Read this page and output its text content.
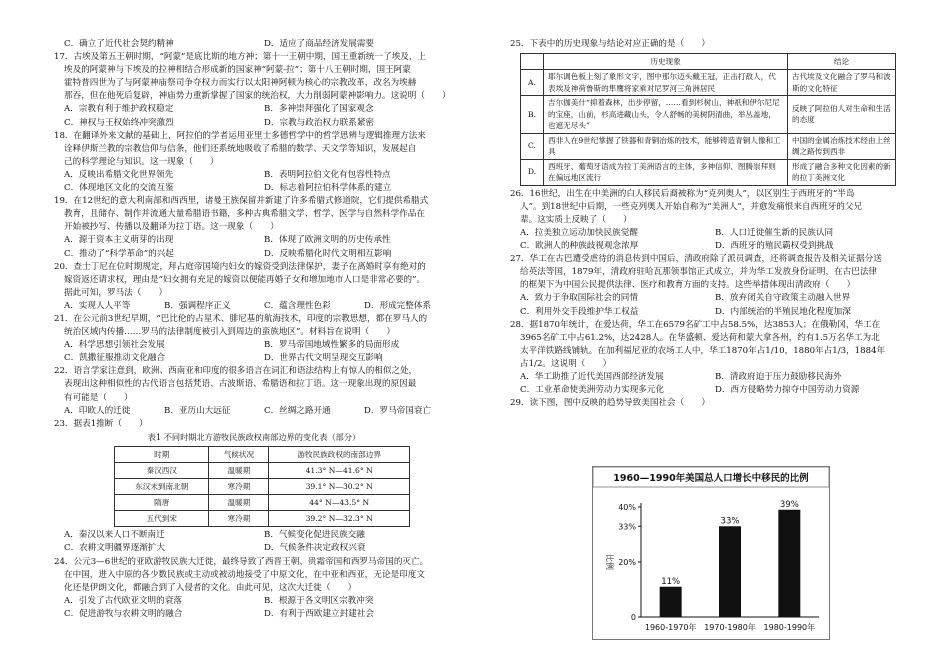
C．确立了近代社会契约精神	D．适应了商品经济发展需要
17．古埃及第五王朝时期，“阿蒙”是底比斯的地方神；第十一王朝中期，国王重新统一了埃及，上
埃及的阿蒙神与下埃及的拉神相结合形成新的国家神“阿蒙-拉”；第十八王朝时期，国王阿蒙
霍特普四世为了与阿蒙神庙祭司争夺权力而实行以太阳神阿顿为核心的宗教改革，改名为埃赫
那吞，但在他死后复辟，神庙势力重新掌握了国家的统治权，大力削弱阿蒙神影响力。这说明（　　）
A．宗教有利于维护政权稳定	B．多神崇拜强化了国家观念
C．神权与王权始终冲突激烈	D．宗教与政治权力联系紧密
18．在翻译外来文献的基础上，阿拉伯的学者运用亚里士多德哲学中的哲学思辨与逻辑推理方法来
诠释伊斯兰教的宗教信仰与信条，他们还系统地吸收了希腊的数学、天文学等知识，发展起自
己的科学理论与知识。这一现象（　　）
A．反映出希腊文化世界领先	B．表明阿拉伯文化有包容性特点
C．体现地区文化的交流互鉴	D．标志着阿拉伯科学体系的建立
19．在12世纪的意大利南部和西西里，诸曼王族保留并新建了许多希腊式修道院，它们提供希腊式
教育，且储存、制作并流通大量希腊语书籍，多种古典希腊文学、哲学、医学与自然科学作品在
开始被抄写、传播以及翻译为拉丁语。这一现象（　　）
A．源于资本主义萌芽的出现	B．体现了欧洲文明的历史传承性
C．推动了“科学革命”的兴起	D．反映希腊化时代文明相互影响
20．查士丁尼在位时期规定，拜占庭帝国境内妇女的嫁资受到法律保护，妻子在离婚时享有绝对的
嫁资返还请求权，理由是“妇女拥有充足的嫁资以便能再婚子女和增加地市人口是非常必要的”。
据此可知，罗马法（　　）
A．实现人人平等	B．强调程序正义	C．蕴含理性色彩	D．形成完整体系
21．在公元前3世纪早期，“巴比伦的占星术、腓尼基的航海技术，印度的宗教思想，都在罗马人的
统治区域内传播……罗马的法律制度被引入到周边的蛮族地区”。材料旨在说明（　　）
A．科学思想引领社会发展	B．罗马帝国地域性繁多的局面形成
C．凯撒征服推动文化融合	D．世界古代文明呈现交互影响
22．语言学家注意到，欧洲、西南亚和印度的很多语言在词汇和语法结构上有惊人的相似之处，
表现出这种相似性的古代语言包括梵语、古波斯语、希腊语和拉丁语。这一现象出现的原因最
有可能是（　　）
A．印欧人的迁徙	B．亚历山大远征	C．丝绸之路开通	D．罗马帝国衰亡
23．据表1推断（　　）
表1 不同时期北方游牧民族政权南部边界的变化表（部分）
时期	气候状况	游牧民族政权的南部边界
秦汉西汉	温暖期	41.3° N—41.6° N
东汉末到南北朝	寒冷期	39.1° N—30.2° N
隋唐	温暖期	44° N—43.5° N
五代到宋	寒冷期	39.2° N—32.3° N
A．秦汉以来人口不断南迁	B．气候变化促进民族交融
C．农耕文明疆界逐渐扩大	D．气候条件决定政权兴衰
24．公元3—6世纪的亚欧游牧民族大迁徙，最终导致了西晋王朝、贵霜帝国和西罗马帝国的灭亡。
在中国，进入中原的各少数民族或主动或被动地接受了中原文化，在中亚和西亚，无论是印度文
化还是伊朗文化，都融合到了入侵者的文化。由此可见，这次大迁徙（　　）
A．引发了古代欧亚文明的衰落	B．根源于各文明区宗教冲突
C．促进游牧与农耕文明的融合	D．有利于西欧建立封建社会
25．下表中的历史现象与结论对应正确的是（　　）
	历史现象	结论
A.	耶尔调色板上刻了象形文字，图中那尔迈头戴王冠，正击打敌人，代表埃及神荷鲁斯的隼鹰将家乘对尼罗河三角洲居民	古代埃及文化融合了罗马和波斯的文化特征
B.	吉尔伽美什“抑着森林，出步停留，……看到杉树山，神祇和伊尔尼尼的宝座，山前，杉高进藏山头，令人舒畅的美树阴清曲，举丛盖地，也遮无尽头”	反映了阿拉伯人对生命和生活的态度
C.	西非人在9世纪掌握了铁器和青铜冶炼的技术，能够铸造青铜人像和工具	中国的金属冶炼技术经由上丝绸之路传到西非
D.	西班牙、葡萄牙语成为拉丁美洲语言的主体，多神信仰、图腾崇拜则在偏远地区流行	形成了融合多种文化因素的新的拉丁美洲文化
26．16世纪，出生在中美洲的白人移民后裔被称为“克列奥人”，以区别生于西班牙的“半岛
人”。到18世纪中后期，一些克列奥人开始自称为“美洲人”，并愈发痛恨来自西班牙的父兄
辈。这实质上反映了（　　）
A．拉美独立运动加快民族觉醒	B．人口迁徙催生新的民族认同
C．欧洲人的种族歧视观念浓厚	D．西班牙的殖民霸权受到挑战
27．华工在古巴遭受虐待的消息传到中国后，清政府除了派员调查，还将调查报告及相关证据分送
给英法等国，1879年，清政府驻哈瓦那领事馆正式成立，并为华工发放身份证明，在古巴法律
的框架下为中国公民提供法律、医疗和教育方面的支持。这些举措体现出清政府（　　）
A．致力于争取国际社会的同情	B．放弃闭关自守政策主动融入世界
C．利用外交手段维护华工权益	D．内部统治的半殖民地化程度加深
28．据1870年统计，在爱达荷，华工在6579名矿工中占58.5%，达3853人；在俄勒冈，华工在
3965名矿工中占61.2%，达2428人。在华盛顿、爱达荷和蒙大拿各州，约有1.5万名华工为北
太平洋铁路线铺轨。在加利福尼亚的农场工人中，华工1870年占1/10，1880年占1/3，1884年
占1/2。这说明（　　）
A．华工助推了近代美国西部经济发展	B．清政府迫于压力鼓励移民海外
C．工业革命使美洲劳动力实现多元化	D．西方侵略势力掠夺中国劳动力资源
29．读下图，图中反映的趋势导致美国社会（　　）
1960—1990年美国总人口增长中移民的比例
比例
0
20%
33%
40%
11%
1960-1970年
33%
1970-1980年
39%
1980-1990年
